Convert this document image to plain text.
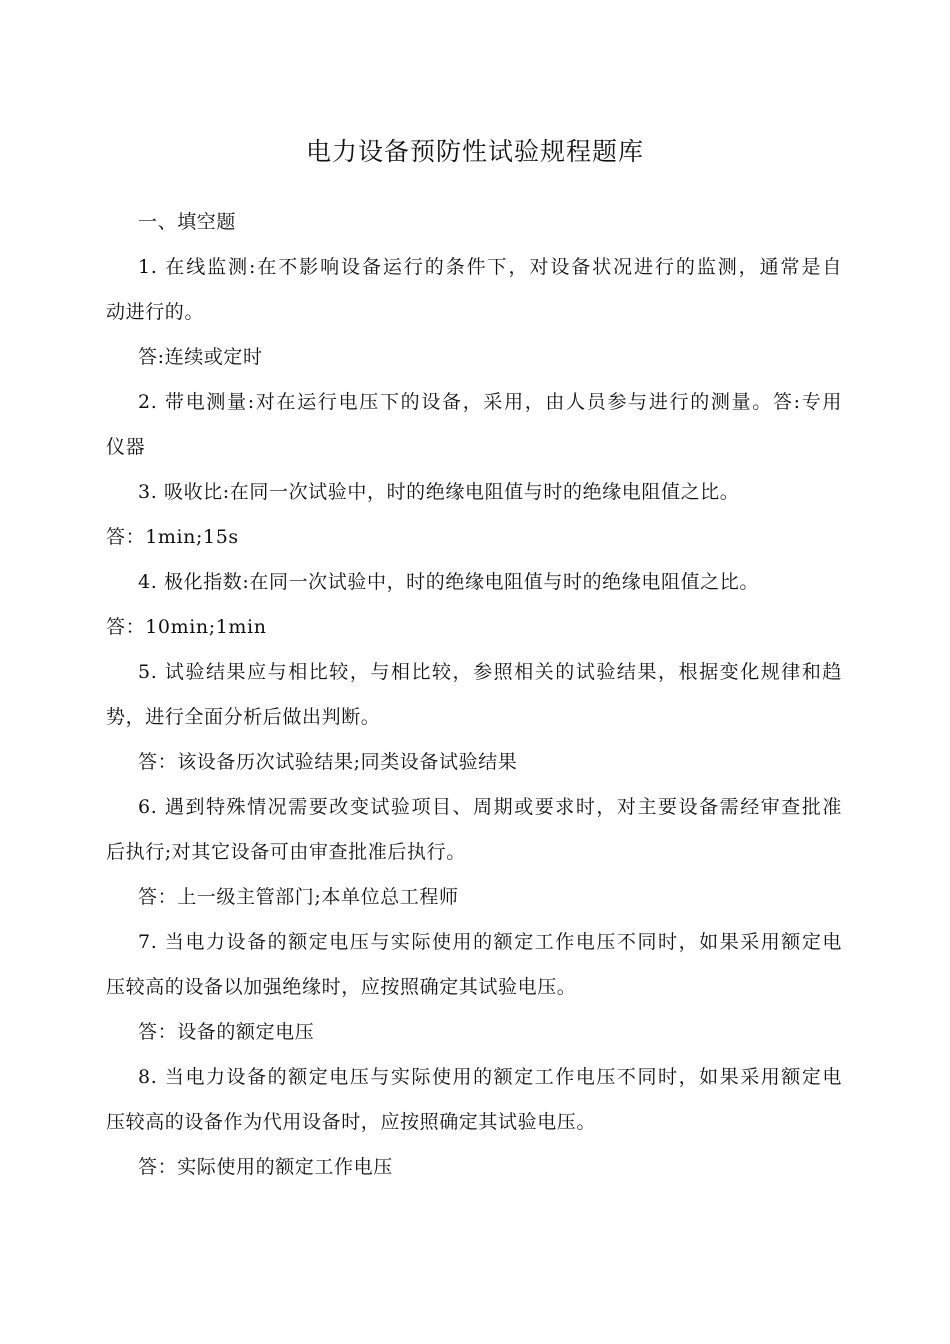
电力设备预防性试验规程题库
一、填空题
1. 在线监测:在不影响设备运行的条件下，对设备状况进行的监测，通常是自
动进行的。
答:连续或定时
2. 带电测量:对在运行电压下的设备，采用，由人员参与进行的测量。答:专用
仪器
3. 吸收比:在同一次试验中，时的绝缘电阻值与时的绝缘电阻值之比。
答：1min;15s
4. 极化指数:在同一次试验中，时的绝缘电阻值与时的绝缘电阻值之比。
答：10min;1min
5. 试验结果应与相比较，与相比较，参照相关的试验结果，根据变化规律和趋
势，进行全面分析后做出判断。
答：该设备历次试验结果;同类设备试验结果
6. 遇到特殊情况需要改变试验项目、周期或要求时，对主要设备需经审查批准
后执行;对其它设备可由审查批准后执行。
答：上一级主管部门;本单位总工程师
7. 当电力设备的额定电压与实际使用的额定工作电压不同时，如果采用额定电
压较高的设备以加强绝缘时，应按照确定其试验电压。
答：设备的额定电压
8. 当电力设备的额定电压与实际使用的额定工作电压不同时，如果采用额定电
压较高的设备作为代用设备时，应按照确定其试验电压。
答：实际使用的额定工作电压
